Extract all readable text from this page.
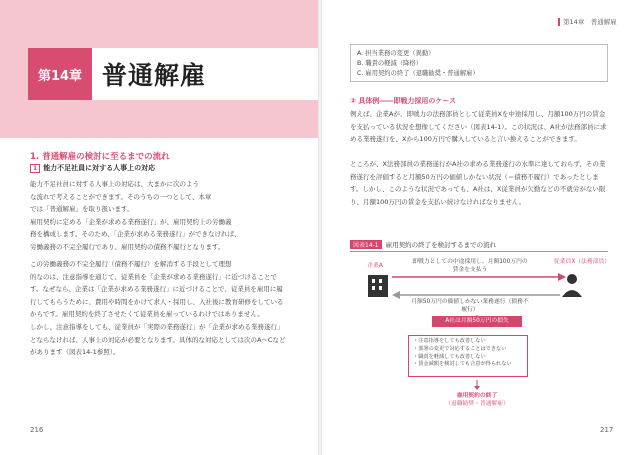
第14章 普通解雇
1. 普通解雇の検討に至るまでの流れ
1 能力不足社員に対する人事上の対応
能力不足社員に対する人事上の対応は、大まかに次のよう
な流れで考えることができます。そのうちの一つとして、本章
では「普通解雇」を取り扱います。
雇用契約に定める「企業が求める業務遂行」が、雇用契約上の労働義
務を構成します。そのため、「企業が求める業務遂行」ができなければ、
労働義務の不完全履行であり、雇用契約の債務不履行となります。
この労働義務の不完全履行（債務不履行）を解消する手段として理想
的なのは、注意指導を通じて、従業員を「企業が求める業務遂行」に近づけることです。なぜなら、企業は「企業が求める業務遂行」に近づけることで、従業員を雇用に履行してもらうために、費用や時間をかけて求人・採用し、入社後に教育研修をしているからです。雇用契約を終了させたくて従業員を雇っているわけではありません。
しかし、注意指導をしても、従業員が「実際の業務遂行」が「企業が求める業務遂行」とならなければ、人事上の対応が必要となります。具体的な対応としては次のA～Cなどがあります（図表14-1参照）。
216
第14章　普通解雇
A. 担当業務の変更（異動）
B. 職責の軽減（降格）
C. 雇用契約の終了（退職勧奨・普通解雇）
② 具体例――即戦力採用のケース
例えば、企業Aが、即戦力の法務部員として従業員Xを中途採用し、月額100万円の賃金を支払っている状況を想像してください（図表14-1）。この状況は、A社が法務部員に求める業務遂行を、Xから100万円で購入していると言い換えることができます。
ところが、X法務部員の業務遂行がA社の求める業務遂行の水準に達しておらず、その業務遂行を評価すると月額50万円の価値しかない状況（＝債務不履行）であったとします。しかし、このような状況であっても、A社は、X従業員が欠勤などの不就労がない限り、月額100万円の賃金を支払い続けなければなりません。
図表14-1 雇用契約の終了を検討するまでの流れ
企業A
従業員X（法務部員）
即戦力としての中途採用し、月額100万円の賃金を支払う
月額50万円の価値しかない業務遂行（債務不履行）
A社は月額50万円の損失
・注意指導をしても改善しない
・部署の変更で対応することはできない
・職責を軽減しても改善しない
・賃金減額を検討しても合意が得られない
雇用契約の終了
（退職勧奨・普通解雇）
217
